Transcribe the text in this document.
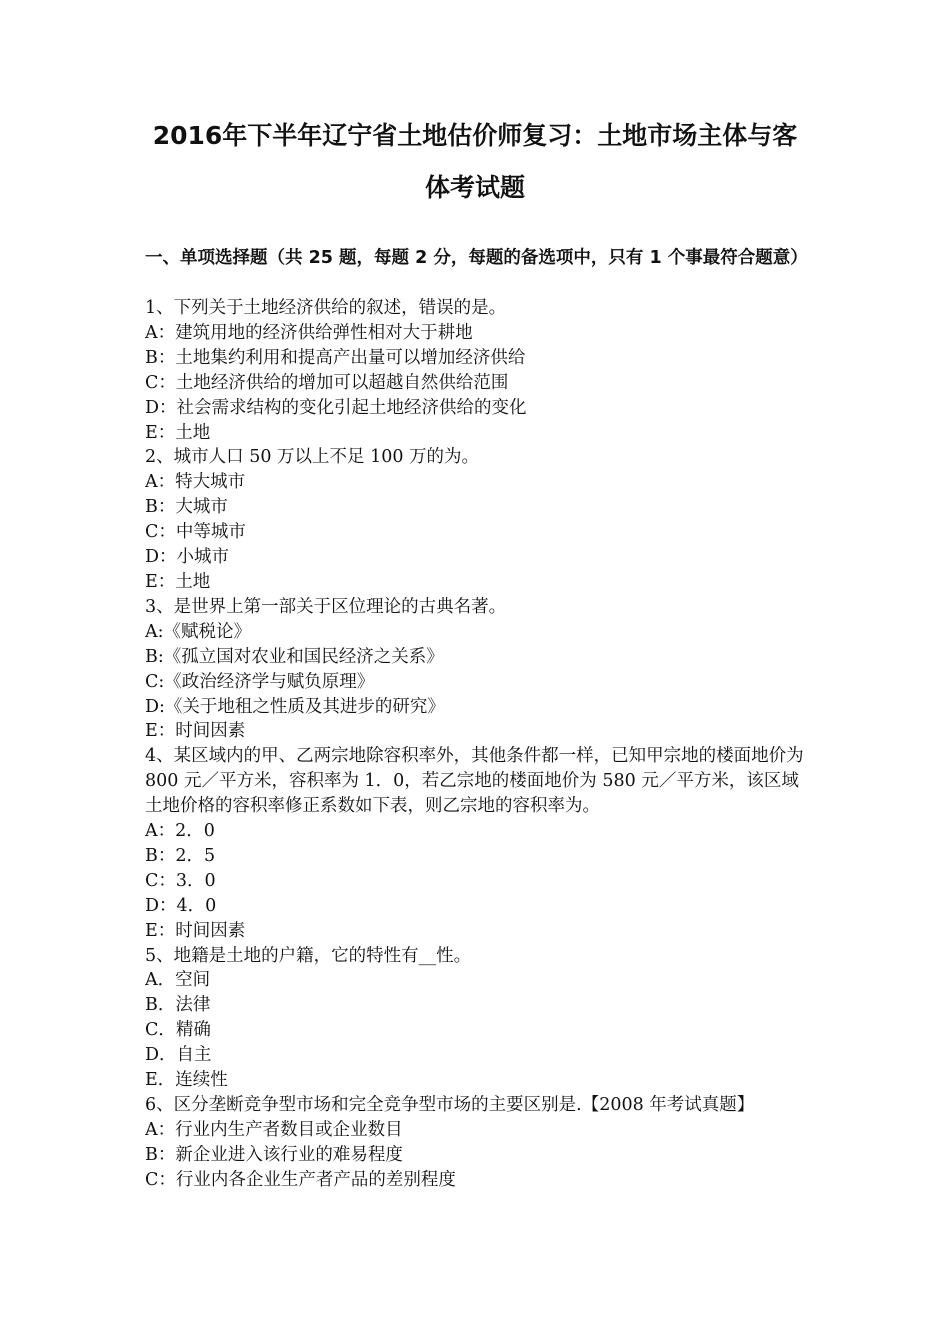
2016年下半年辽宁省土地估价师复习：土地市场主体与客
体考试题

一、单项选择题（共 25 题，每题 2 分，每题的备选项中，只有 1 个事最符合题意）

1、下列关于土地经济供给的叙述，错误的是。

A：建筑用地的经济供给弹性相对大于耕地

B：土地集约利用和提高产出量可以增加经济供给

C：土地经济供给的增加可以超越自然供给范围

D：社会需求结构的变化引起土地经济供给的变化

E：土地

2、城市人口 50 万以上不足 100 万的为。

A：特大城市

B：大城市

C：中等城市

D：小城市

E：土地

3、是世界上第一部关于区位理论的古典名著。

A:《赋税论》

B:《孤立国对农业和国民经济之关系》

C:《政治经济学与赋负原理》

D:《关于地租之性质及其进步的研究》

E：时间因素

4、某区域内的甲、乙两宗地除容积率外，其他条件都一样，已知甲宗地的楼面地价为 800 元／平方米，容积率为 1．0，若乙宗地的楼面地价为 580 元／平方米，该区域土地价格的容积率修正系数如下表，则乙宗地的容积率为。

A：2．0

B：2．5

C：3．0

D：4．0

E：时间因素

5、地籍是土地的户籍，它的特性有__性。

A．空间

B．法律

C．精确

D．自主

E．连续性

6、区分垄断竞争型市场和完全竞争型市场的主要区别是.【2008 年考试真题】

A：行业内生产者数目或企业数目

B：新企业进入该行业的难易程度

C：行业内各企业生产者产品的差别程度
